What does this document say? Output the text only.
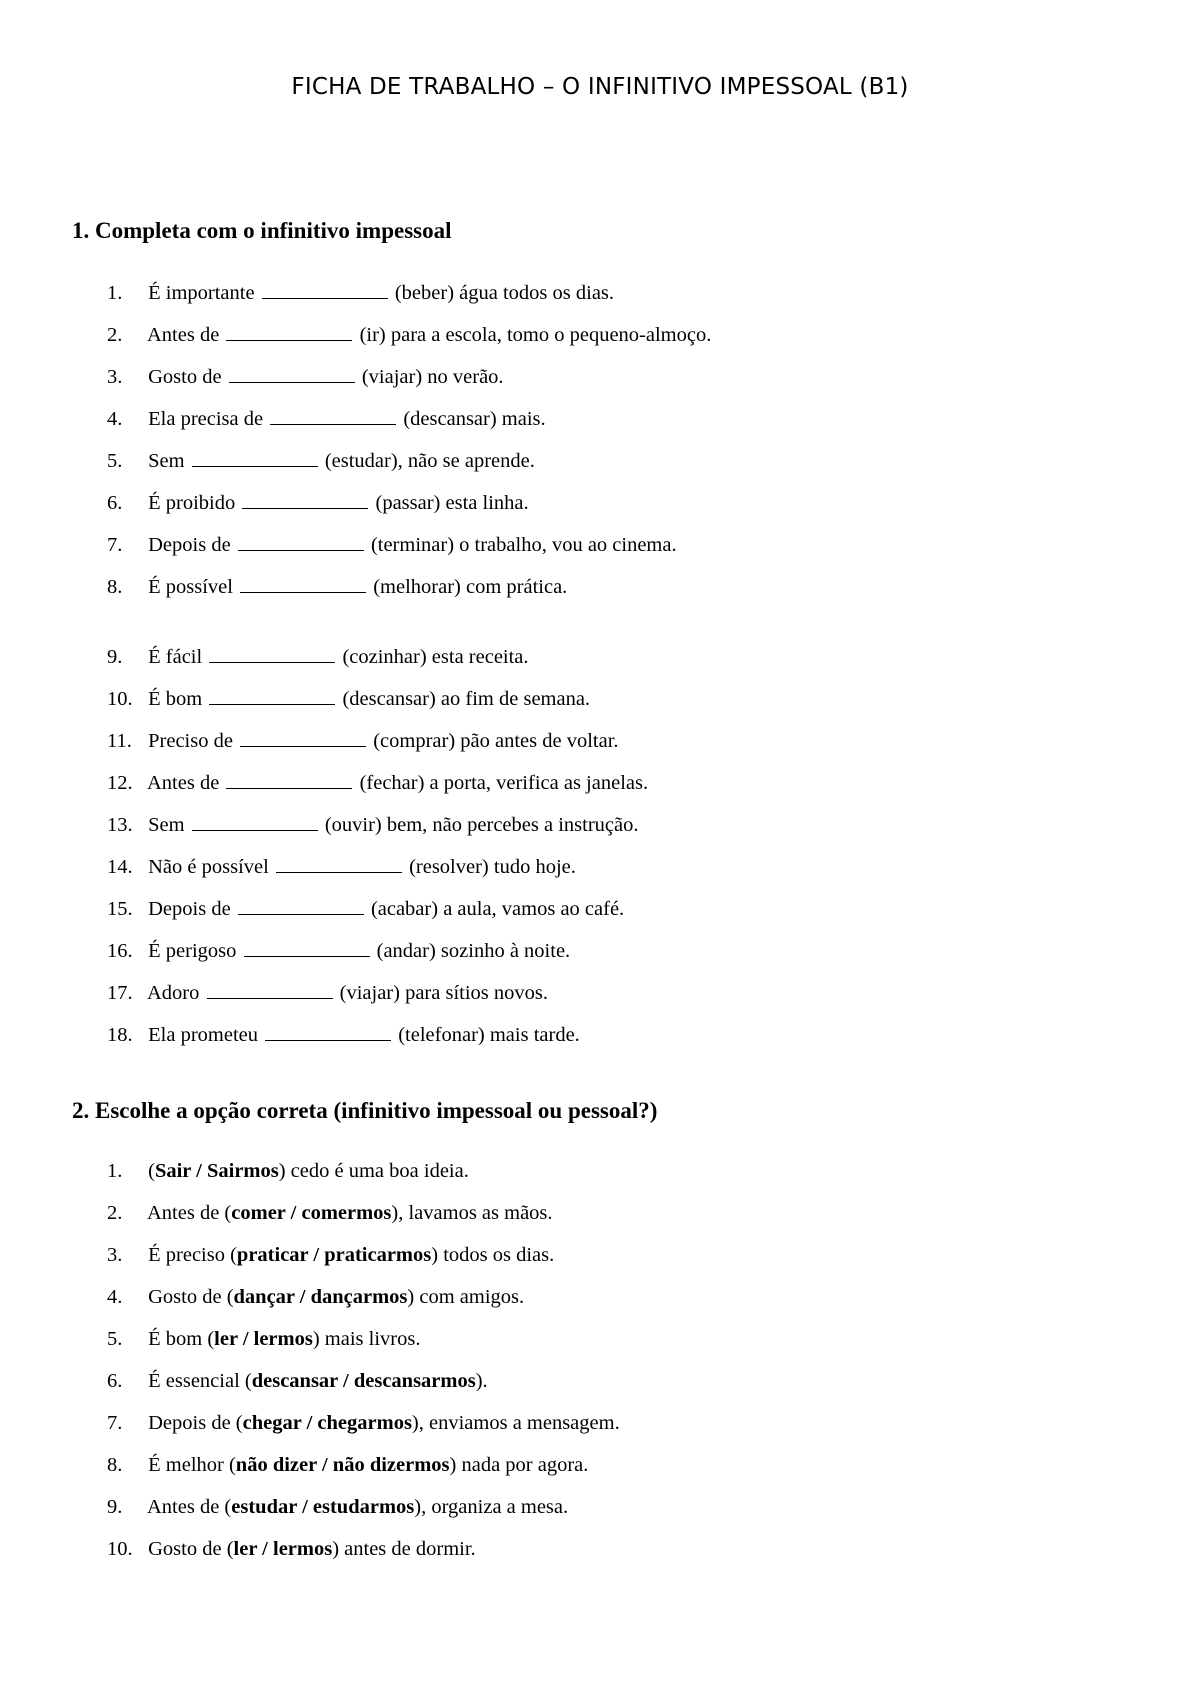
FICHA DE TRABALHO – O INFINITIVO IMPESSOAL (B1)
1. Completa com o infinitivo impessoal
1. É importante	(beber) água todos os dias.
2. Antes de	(ir) para a escola, tomo o pequeno-almoço.
3. Gosto de	(viajar) no verão.
4. Ela precisa de	(descansar) mais.
5. Sem	(estudar), não se aprende.
6. É proibido	(passar) esta linha.
7. Depois de	(terminar) o trabalho, vou ao cinema.
8. É possível	(melhorar) com prática.
9. É fácil	(cozinhar) esta receita.
10. É bom	(descansar) ao fim de semana.
11. Preciso de	(comprar) pão antes de voltar.
12. Antes de	(fechar) a porta, verifica as janelas.
13. Sem	(ouvir) bem, não percebes a instrução.
14. Não é possível	(resolver) tudo hoje.
15. Depois de	(acabar) a aula, vamos ao café.
16. É perigoso	(andar) sozinho à noite.
17. Adoro	(viajar) para sítios novos.
18. Ela prometeu	(telefonar) mais tarde.
2. Escolhe a opção correta (infinitivo impessoal ou pessoal?)
1. (Sair / Sairmos) cedo é uma boa ideia.
2. Antes de (comer / comermos), lavamos as mãos.
3. É preciso (praticar / praticarmos) todos os dias.
4. Gosto de (dançar / dançarmos) com amigos.
5. É bom (ler / lermos) mais livros.
6. É essencial (descansar / descansarmos).
7. Depois de (chegar / chegarmos), enviamos a mensagem.
8. É melhor (não dizer / não dizermos) nada por agora.
9. Antes de (estudar / estudarmos), organiza a mesa.
10. Gosto de (ler / lermos) antes de dormir.
